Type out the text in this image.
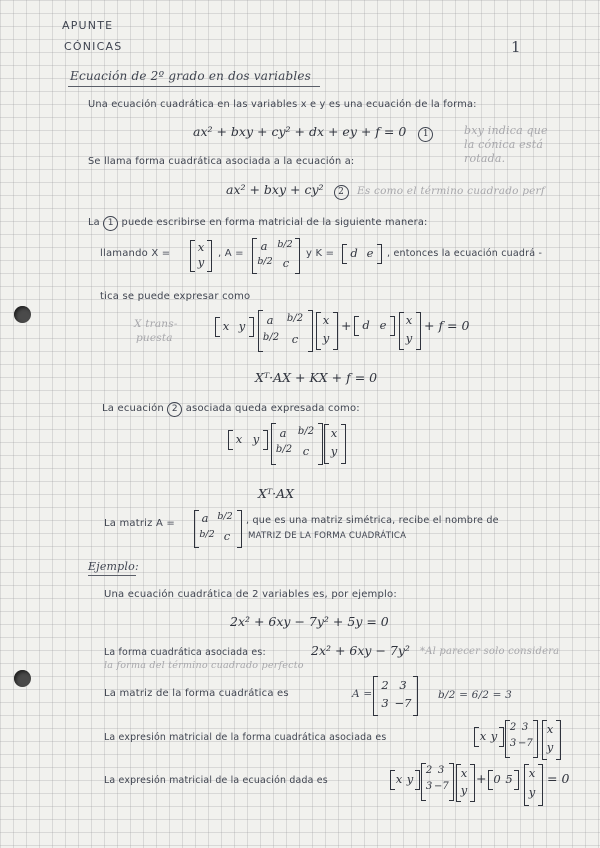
APUNTE
CÓNICAS	1
Ecuación de 2º grado en dos variables
Una ecuación cuadrática en las variables x e y es una ecuación de la forma:
ax² + bxy + cy² + dx + ey + f = 0 1	bxy indica que
la cónica está
rotada.
Se llama forma cuadrática asociada a la ecuación a:
ax² + bxy + cy² 2	Es como el término cuadrado perf
La 1 puede escribirse en forma matricial de la siguiente manera:
llamando X = x
y
, A =
a	b/2
b/2 c
y K = d e , entonces la ecuación cuadrá -
tica se puede expresar como
X trans-
puesta
x y	a	b/2
b/2	c
x
y
+ d e x
y
+ f = 0
Xᵀ·AX + KX + f = 0
La ecuación 2 asociada queda expresada como:
x y	a	b/2
b/2 c
x
y
Xᵀ·AX
La matriz A =	a b/2
b/2 c
, que es una matriz simétrica, recibe el nombre de
MATRIZ DE LA FORMA CUADRÁTICA
Ejemplo:
Una ecuación cuadrática de 2 variables es, por ejemplo:
2x² + 6xy − 7y² + 5y = 0
La forma cuadrática asociada es:	2x² + 6xy − 7y² *Al parecer solo considera
la forma del término cuadrado perfecto
La matriz de la forma cuadrática es	A =
2 3
3 −7
b/2 = 6/2 = 3
La expresión matricial de la forma cuadrática asociada es	x y
2 3
3 −7
x
y
La expresión matricial de la ecuación dada es	x y
2 3
3 −7
x
y
+ 0 5 x
y
= 0
